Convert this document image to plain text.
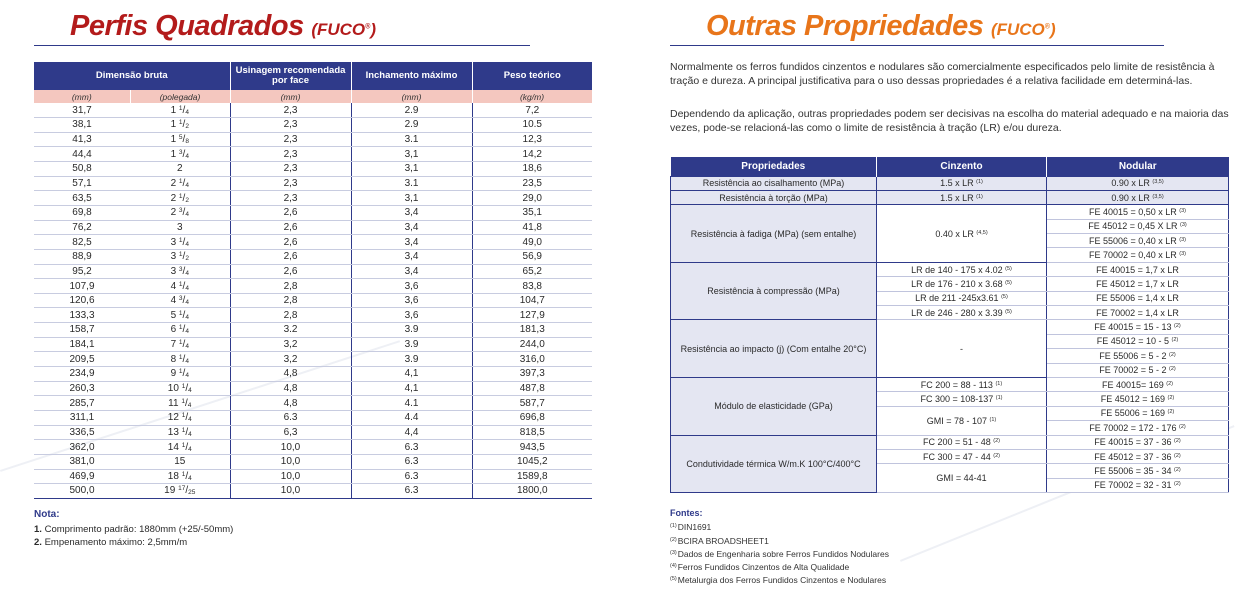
Perfis Quadrados (FUCO®)
Dimensão bruta		Usinagem recomendada por face	Inchamento máximo	Peso teórico
(mm)	(polegada)	(mm)	(mm)	(kg/m)
31,7	1 $^1/_4$	2,3	2.9	7,2
38,1	1 $^1/_2$	2,3	2.9	10.5
41,3	1 $^5/_8$	2,3	3.1	12,3
44,4	1 $^3/_4$	2,3	3,1	14,2
50,8	2	2,3	3,1	18,6
57,1	2 $^1/_4$	2,3	3.1	23,5
63,5	2 $^1/_2$	2,3	3,1	29,0
69,8	2 $^3/_4$	2,6	3,4	35,1
76,2	3	2,6	3,4	41,8
82,5	3 $^1/_4$	2,6	3,4	49,0
88,9	3 $^1/_2$	2,6	3,4	56,9
95,2	3 $^3/_4$	2,6	3,4	65,2
107,9	4 $^1/_4$	2,8	3,6	83,8
120,6	4 $^3/_4$	2,8	3,6	104,7
133,3	5 $^1/_4$	2,8	3,6	127,9
158,7	6 $^1/_4$	3.2	3.9	181,3
184,1	7 $^1/_4$	3,2	3.9	244,0
209,5	8 $^1/_4$	3,2	3.9	316,0
234,9	9 $^1/_4$	4,8	4,1	397,3
260,3	10 $^1/_4$	4,8	4,1	487,8
285,7	11 $^1/_4$	4,8	4.1	587,7
311,1	12 $^1/_4$	6.3	4.4	696,8
336,5	13 $^1/_4$	6,3	4,4	818,5
362,0	14 $^1/_4$	10,0	6.3	943,5
381,0	15	10,0	6.3	1045,2
469,9	18 $^1/_4$	10,0	6.3	1589,8
500,0	19 $^{17}/_{25}$	10,0	6.3	1800,0
Nota:
1. Comprimento padrão: 1880mm (+25/-50mm)
2. Empenamento máximo: 2,5mm/m
Outras Propriedades (FUCO®)

Normalmente os ferros fundidos cinzentos e nodulares são comercialmente especificados pelo limite de resistência à tração e dureza. A principal justificativa para o uso dessas propriedades é a relativa facilidade em determiná-las.

Dependendo da aplicação, outras propriedades podem ser decisivas na escolha do material adequado e na maioria das vezes, pode-se relacioná-las como o limite de resistência à tração (LR) e/ou dureza.

Propriedades	Cinzento	Nodular
Resistência ao cisalhamento (MPa)	1.5 x LR $^{(1)}$	0.90 x LR $^{(3,5)}$
Resistência à torção (MPa)	1.5 x LR $^{(1)}$	0.90 x LR $^{(3,5)}$
Resistência à fadiga (MPa) (sem entalhe)	0.40 x LR $^{(4,5)}$	FE 40015 = 0,50 x LR $^{(3)}$
		FE 45012 = 0,45 X LR $^{(3)}$
		FE 55006 = 0,40 x LR $^{(3)}$
		FE 70002 = 0,40 x LR $^{(3)}$
Resistência à compressão (MPa)	LR de 140 - 175 x 4.02 $^{(5)}$	FE 40015 = 1,7 x LR
	LR de 176 - 210 x 3.68 $^{(5)}$	FE 45012 = 1,7 x LR
	LR de 211 -245x3.61 $^{(5)}$	FE 55006 = 1,4 x LR
	LR de 246 - 280 x 3.39 $^{(5)}$	FE 70002 = 1,4 x LR
Resistência ao impacto (j) (Com entalhe 20°C)	-	FE 40015 = 15 - 13 $^{(2)}$
		FE 45012 = 10 - 5 $^{(2)}$
		FE 55006 = 5 - 2 $^{(2)}$
		FE 70002 = 5 - 2 $^{(2)}$
Módulo de elasticidade (GPa)	FC 200 = 88 - 113 $^{(1)}$	FE 40015= 169 $^{(2)}$
	FC 300 = 108-137 $^{(1)}$	FE 45012 = 169 $^{(2)}$
	GMI = 78 - 107 $^{(1)}$	FE 55006 = 169 $^{(2)}$
		FE 70002 = 172 - 176 $^{(2)}$
Condutividade térmica W/m.K 100°C/400°C	FC 200 = 51 - 48 $^{(2)}$	FE 40015 = 37 - 36 $^{(2)}$
	FC 300 = 47 - 44 $^{(2)}$	FE 45012 = 37 - 36 $^{(2)}$
	GMI = 44-41	FE 55006 = 35 - 34 $^{(2)}$
		FE 70002 = 32 - 31 $^{(2)}$
Fontes:
$^{(1)}$DIN1691
$^{(2)}$BCIRA BROADSHEET1
$^{(3)}$Dados de Engenharia sobre Ferros Fundidos Nodulares
$^{(4)}$Ferros Fundidos Cinzentos de Alta Qualidade
$^{(5)}$Metalurgia dos Ferros Fundidos Cinzentos e Nodulares
